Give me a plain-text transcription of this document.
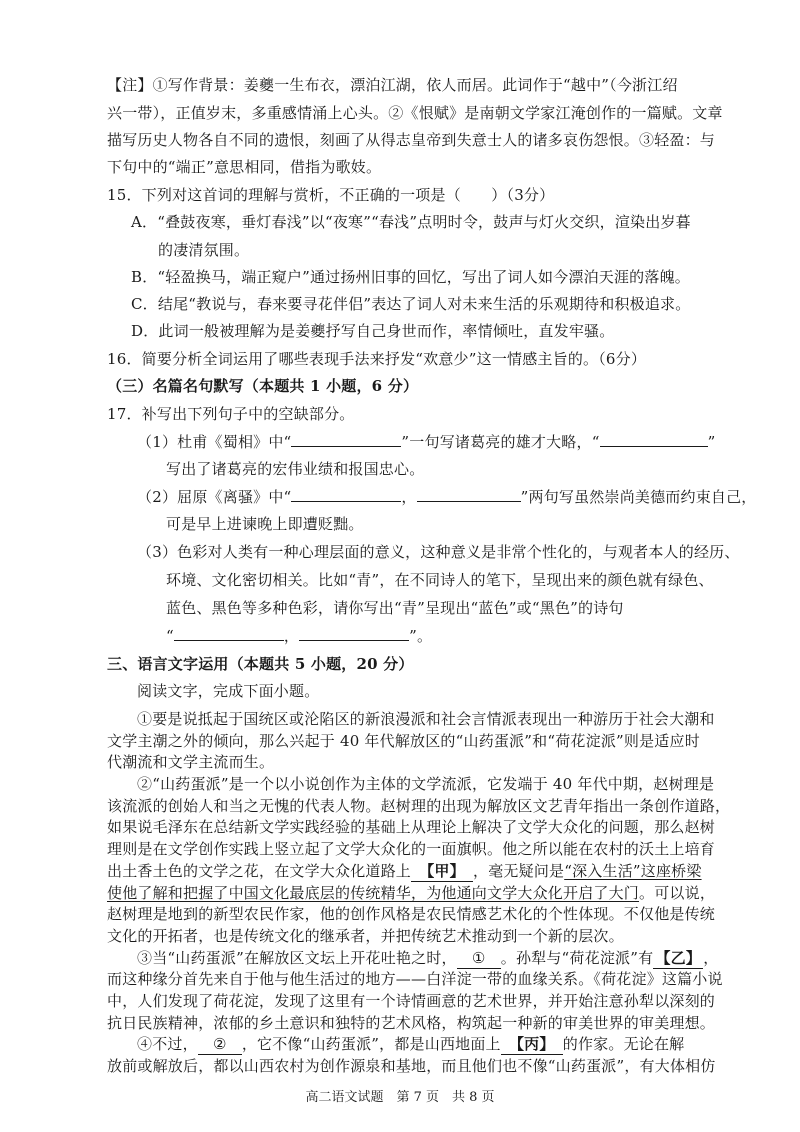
【注】①写作背景：姜夔一生布衣，漂泊江湖，依人而居。此词作于“越中”（今浙江绍
兴一带），正值岁末，多重感情涌上心头。②《恨赋》是南朝文学家江淹创作的一篇赋。文章
描写历史人物各自不同的遗恨，刻画了从得志皇帝到失意士人的诸多哀伤怨恨。③轻盈：与
下句中的“端正”意思相同，借指为歌妓。
15．下列对这首词的理解与赏析，不正确的一项是（　　）（3分）
A．“叠鼓夜寒，垂灯春浅”以“夜寒”“春浅”点明时令，鼓声与灯火交织，渲染出岁暮
的凄清氛围。
B．“轻盈换马，端正窥户”通过扬州旧事的回忆，写出了词人如今漂泊天涯的落魄。
C．结尾“教说与，春来要寻花伴侣”表达了词人对未来生活的乐观期待和积极追求。
D．此词一般被理解为是姜夔抒写自己身世而作，率情倾吐，直发牢骚。
16．简要分析全词运用了哪些表现手法来抒发“欢意少”这一情感主旨的。（6分）
（三）名篇名句默写（本题共 1 小题，6 分）
17．补写出下列句子中的空缺部分。
（1）杜甫《蜀相》中“	”一句写诸葛亮的雄才大略，“	”
写出了诸葛亮的宏伟业绩和报国忠心。
（2）屈原《离骚》中“	，	”两句写虽然崇尚美德而约束自己，
可是早上进谏晚上即遭贬黜。
（3）色彩对人类有一种心理层面的意义，这种意义是非常个性化的，与观者本人的经历、
环境、文化密切相关。比如“青”，在不同诗人的笔下，呈现出来的颜色就有绿色、
蓝色、黑色等多种色彩，请你写出“青”呈现出“蓝色”或“黑色”的诗句
“	，	”。
三、语言文字运用（本题共 5 小题，20 分）
阅读文字，完成下面小题。
①要是说抵起于国统区或沦陷区的新浪漫派和社会言情派表现出一种游历于社会大潮和
文学主潮之外的倾向，那么兴起于 40 年代解放区的“山药蛋派”和“荷花淀派”则是适应时
代潮流和文学主流而生。
②“山药蛋派”是一个以小说创作为主体的文学流派，它发端于 40 年代中期，赵树理是
该流派的创始人和当之无愧的代表人物。赵树理的出现为解放区文艺青年指出一条创作道路，
如果说毛泽东在总结新文学实践经验的基础上从理论上解决了文学大众化的问题，那么赵树
理则是在文学创作实践上竖立起了文学大众化的一面旗帜。他之所以能在农村的沃土上培育
出土香土色的文学之花，在文学大众化道路上 【甲】 ，毫无疑问是“深入生活”这座桥梁
使他了解和把握了中国文化最底层的传统精华，为他通向文学大众化开启了大门。可以说，
赵树理是地到的新型农民作家，他的创作风格是农民情感艺术化的个性体现。不仅他是传统
文化的开拓者，也是传统文化的继承者，并把传统艺术推动到一个新的层次。
③当“山药蛋派”在解放区文坛上开花吐艳之时， ① 。孙犁与“荷花淀派”有 【乙】 ，
而这种缘分首先来自于他与他生活过的地方——白洋淀一带的血缘关系。《荷花淀》这篇小说
中，人们发现了荷花淀，发现了这里有一个诗情画意的艺术世界，并开始注意孙犁以深刻的
抗日民族精神，浓郁的乡土意识和独特的艺术风格，构筑起一种新的审美世界的审美理想。
④不过， ② ，它不像“山药蛋派”，都是山西地面上 【丙】 的作家。无论在解
放前或解放后，都以山西农村为创作源泉和基地，而且他们也不像“山药蛋派”，有大体相仿
高二语文试题　第 7 页　共 8 页
